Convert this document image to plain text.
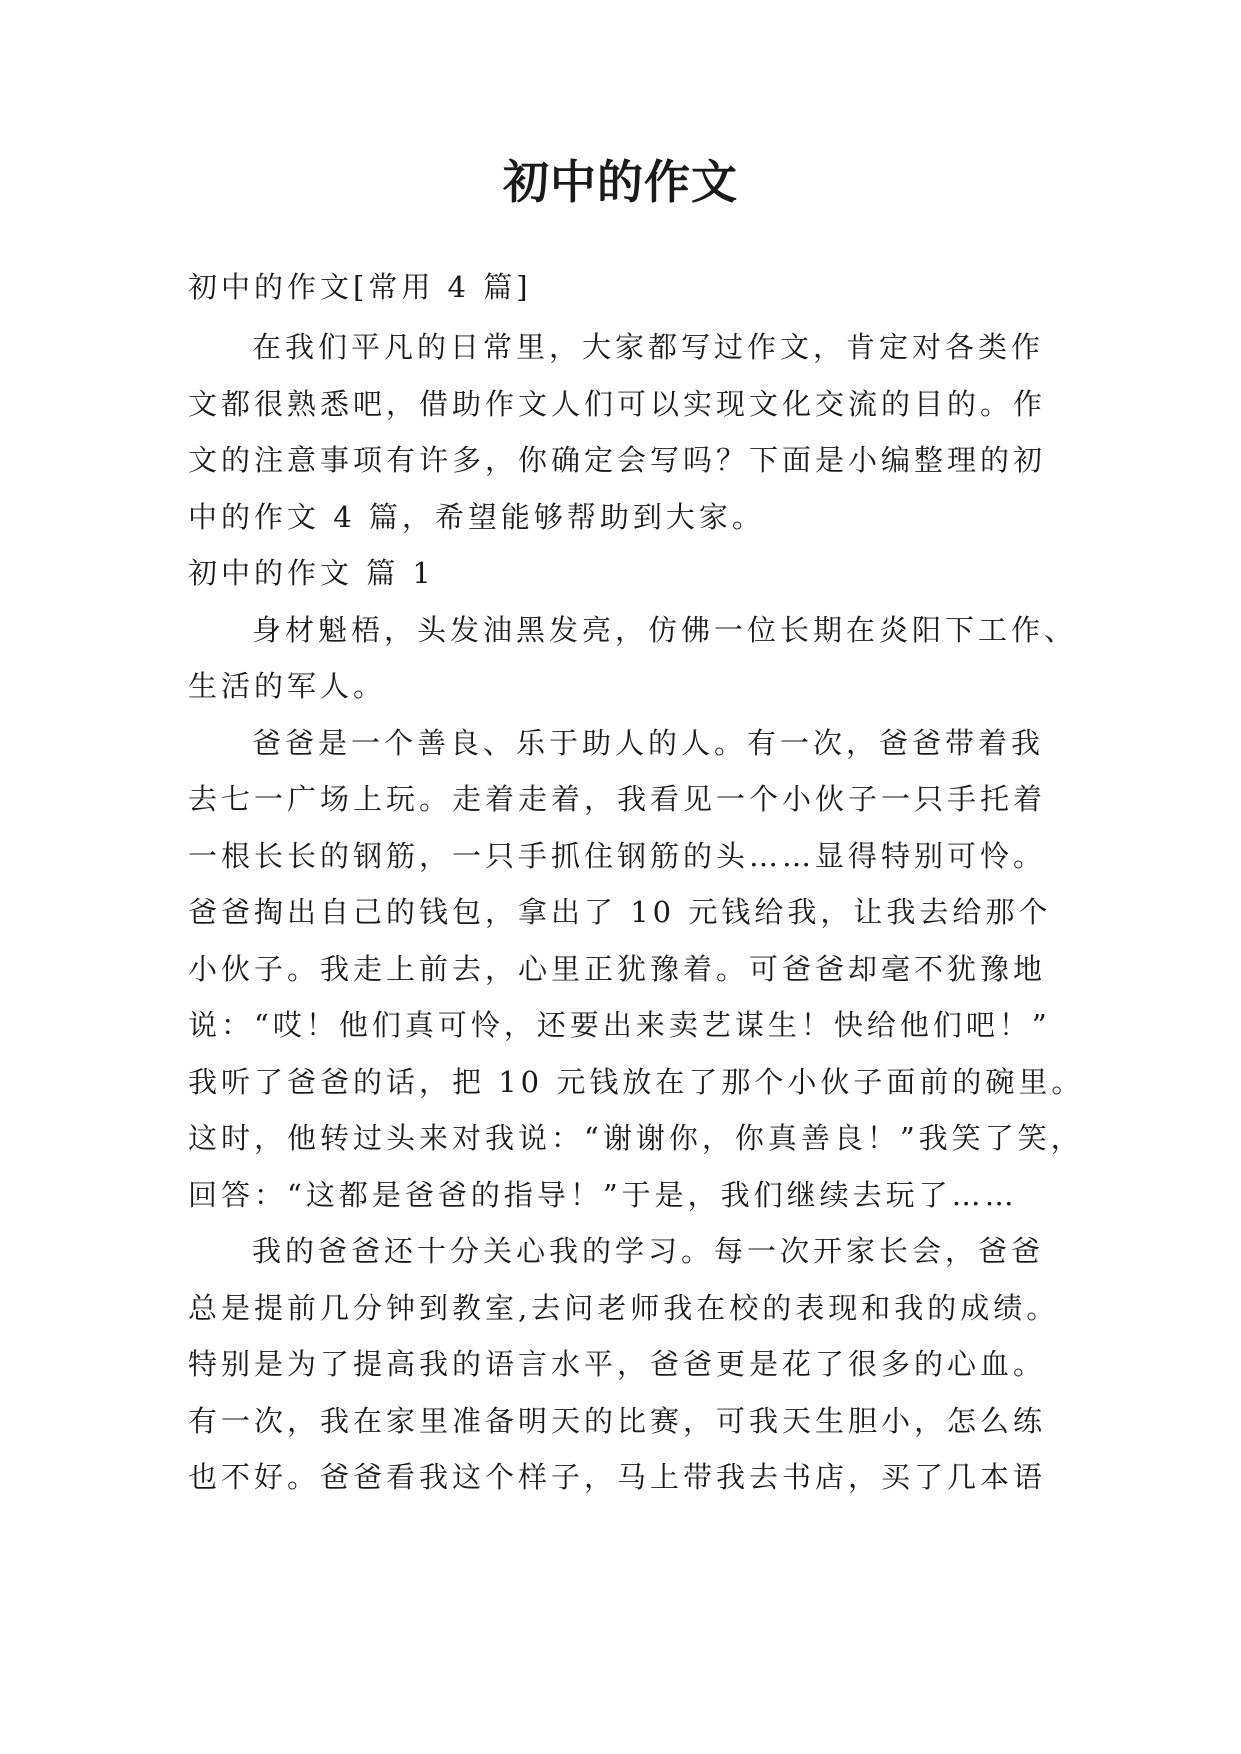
初中的作文
初中的作文[常用 4 篇]
在我们平凡的日常里，大家都写过作文，肯定对各类作
文都很熟悉吧，借助作文人们可以实现文化交流的目的。作
文的注意事项有许多，你确定会写吗？下面是小编整理的初
中的作文 4 篇，希望能够帮助到大家。
初中的作文 篇 1
身材魁梧，头发油黑发亮，仿佛一位长期在炎阳下工作、
生活的军人。
爸爸是一个善良、乐于助人的人。有一次，爸爸带着我
去七一广场上玩。走着走着，我看见一个小伙子一只手托着
一根长长的钢筋，一只手抓住钢筋的头……显得特别可怜。
爸爸掏出自己的钱包，拿出了 10 元钱给我，让我去给那个
小伙子。我走上前去，心里正犹豫着。可爸爸却毫不犹豫地
说：“哎！他们真可怜，还要出来卖艺谋生！快给他们吧！”
我听了爸爸的话，把 10 元钱放在了那个小伙子面前的碗里。
这时，他转过头来对我说：“谢谢你，你真善良！”我笑了笑，
回答：“这都是爸爸的指导！”于是，我们继续去玩了……
我的爸爸还十分关心我的学习。每一次开家长会，爸爸
总是提前几分钟到教室,去问老师我在校的表现和我的成绩。
特别是为了提高我的语言水平，爸爸更是花了很多的心血。
有一次，我在家里准备明天的比赛，可我天生胆小，怎么练
也不好。爸爸看我这个样子，马上带我去书店，买了几本语
